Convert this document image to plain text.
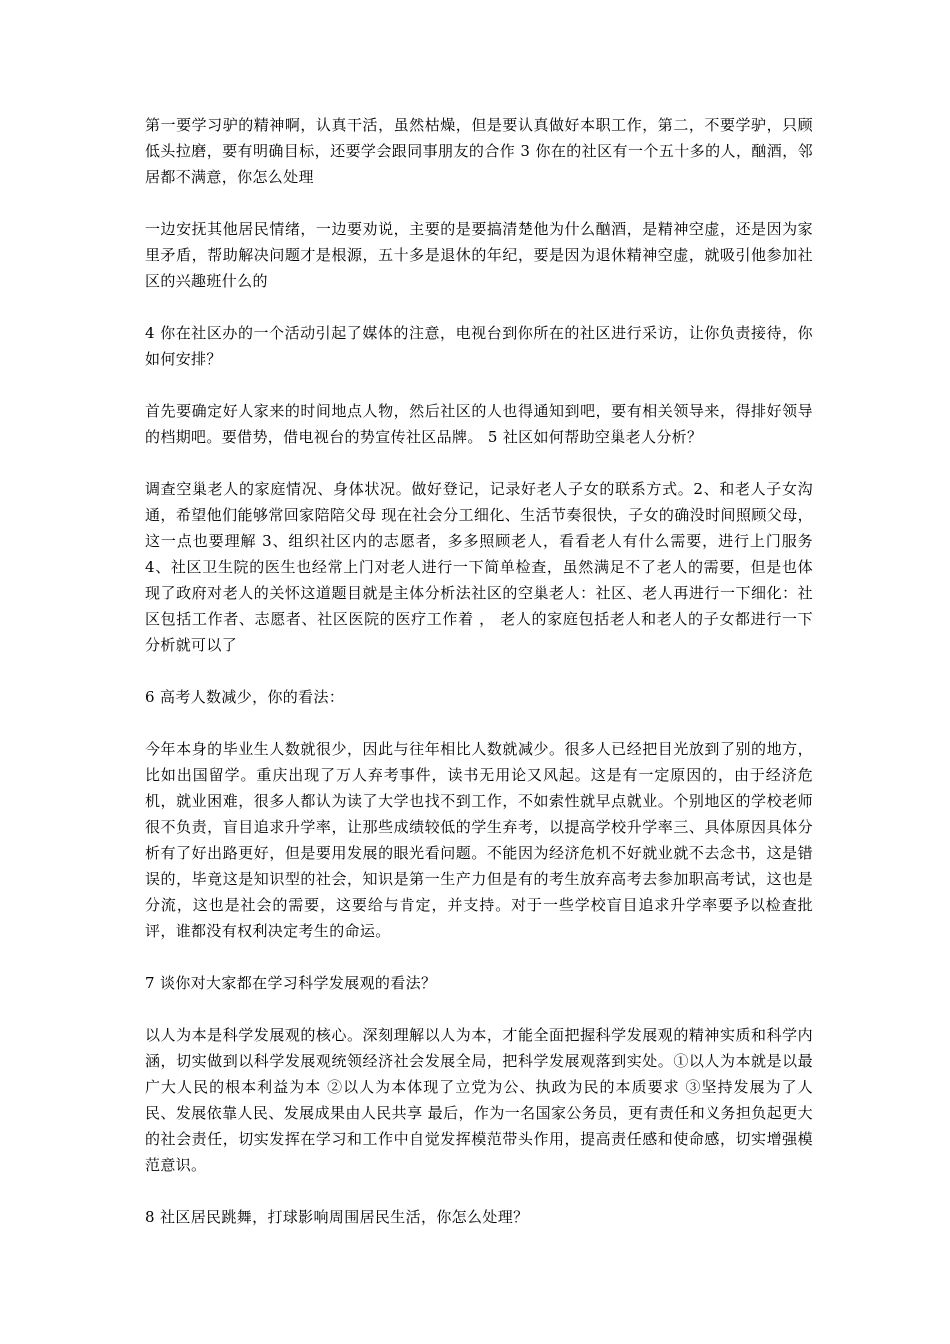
第一要学习驴的精神啊，认真干活，虽然枯燥，但是要认真做好本职工作，第二，不要学驴，只顾低头拉磨，要有明确目标，还要学会跟同事朋友的合作 3 你在的社区有一个五十多的人，酗酒，邻居都不满意，你怎么处理

一边安抚其他居民情绪，一边要劝说，主要的是要搞清楚他为什么酗酒，是精神空虚，还是因为家里矛盾，帮助解决问题才是根源，五十多是退休的年纪，要是因为退休精神空虚，就吸引他参加社区的兴趣班什么的

4 你在社区办的一个活动引起了媒体的注意，电视台到你所在的社区进行采访，让你负责接待，你如何安排？

首先要确定好人家来的时间地点人物，然后社区的人也得通知到吧，要有相关领导来，得排好领导的档期吧。要借势，借电视台的势宣传社区品牌。 5 社区如何帮助空巢老人分析？

调查空巢老人的家庭情况、身体状况。做好登记，记录好老人子女的联系方式。2、和老人子女沟通，希望他们能够常回家陪陪父母 现在社会分工细化、生活节奏很快，子女的确没时间照顾父母，这一点也要理解 3、组织社区内的志愿者，多多照顾老人，看看老人有什么需要，进行上门服务 4、社区卫生院的医生也经常上门对老人进行一下简单检查，虽然满足不了老人的需要，但是也体现了政府对老人的关怀这道题目就是主体分析法社区的空巢老人：社区、老人再进行一下细化：社区包括工作者、志愿者、社区医院的医疗工作着 ， 老人的家庭包括老人和老人的子女都进行一下分析就可以了

6 高考人数减少，你的看法：

今年本身的毕业生人数就很少，因此与往年相比人数就减少。很多人已经把目光放到了别的地方，比如出国留学。重庆出现了万人弃考事件，读书无用论又风起。这是有一定原因的，由于经济危机，就业困难，很多人都认为读了大学也找不到工作，不如索性就早点就业。个别地区的学校老师很不负责，盲目追求升学率，让那些成绩较低的学生弃考，以提高学校升学率三、具体原因具体分析有了好出路更好，但是要用发展的眼光看问题。不能因为经济危机不好就业就不去念书，这是错误的，毕竟这是知识型的社会，知识是第一生产力但是有的考生放弃高考去参加职高考试，这也是分流，这也是社会的需要，这要给与肯定，并支持。对于一些学校盲目追求升学率要予以检查批评，谁都没有权利决定考生的命运。

7 谈你对大家都在学习科学发展观的看法？

以人为本是科学发展观的核心。深刻理解以人为本，才能全面把握科学发展观的精神实质和科学内涵，切实做到以科学发展观统领经济社会发展全局，把科学发展观落到实处。①以人为本就是以最广大人民的根本利益为本 ②以人为本体现了立党为公、执政为民的本质要求 ③坚持发展为了人民、发展依靠人民、发展成果由人民共享 最后，作为一名国家公务员，更有责任和义务担负起更大的社会责任，切实发挥在学习和工作中自觉发挥模范带头作用，提高责任感和使命感，切实增强模范意识。

8 社区居民跳舞，打球影响周围居民生活，你怎么处理？
